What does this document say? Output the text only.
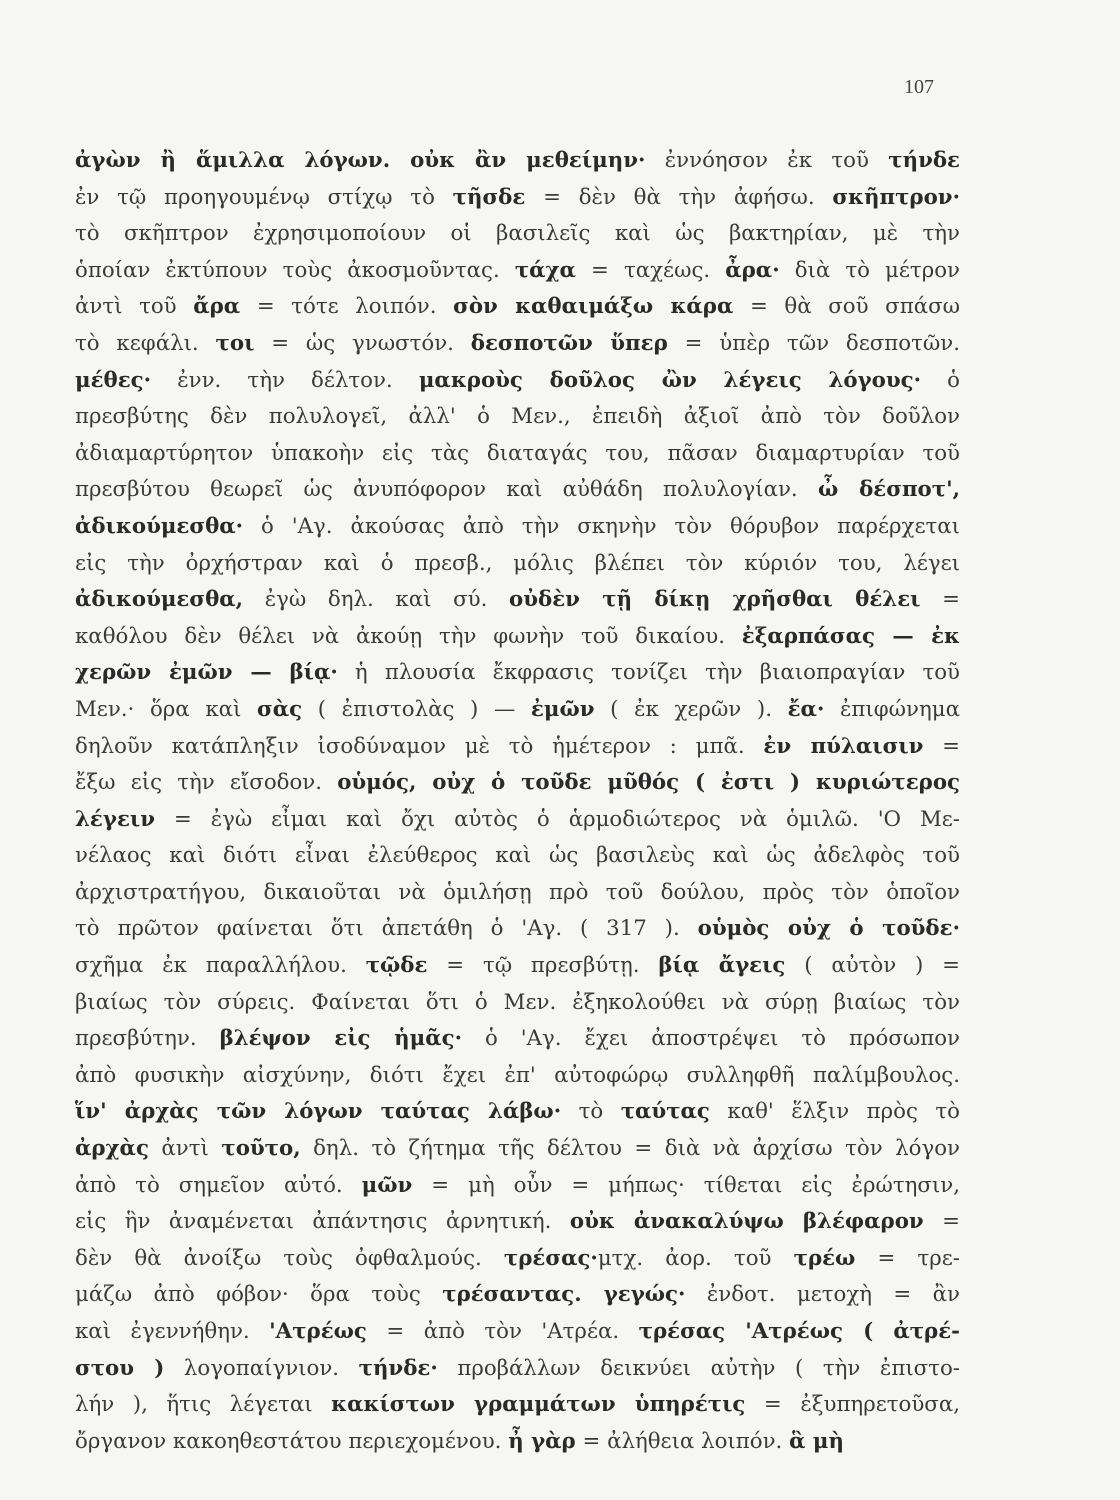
107
ἀγὼν ἢ ἅμιλλα λόγων. οὐκ ἂν μεθείμην· ἐννόησον ἐκ τοῦ τήνδε
ἐν τῷ προηγουμένῳ στίχῳ τὸ τῆσδε = δὲν θὰ τὴν ἀφήσω. σκῆπτρον·
τὸ σκῆπτρον ἐχρησιμοποίουν οἱ βασιλεῖς καὶ ὡς βακτηρίαν, μὲ τὴν
ὁποίαν ἐκτύπουν τοὺς ἀκοσμοῦντας. τάχα = ταχέως. ἆρα· διὰ τὸ μέτρον
ἀντὶ τοῦ ἄρα = τότε λοιπόν. σὸν καθαιμάξω κάρα = θὰ σοῦ σπάσω
τὸ κεφάλι. τοι = ὡς γνωστόν. δεσποτῶν ὕπερ = ὑπὲρ τῶν δεσποτῶν.
μέθες· ἐνν. τὴν δέλτον. μακροὺς δοῦλος ὢν λέγεις λόγους· ὁ
πρεσβύτης δὲν πολυλογεῖ, ἀλλ' ὁ Μεν., ἐπειδὴ ἀξιοῖ ἀπὸ τὸν δοῦλον
ἀδιαμαρτύρητον ὑπακοὴν εἰς τὰς διαταγάς του, πᾶσαν διαμαρτυρίαν τοῦ
πρεσβύτου θεωρεῖ ὡς ἀνυπόφορον καὶ αὐθάδη πολυλογίαν. ὦ δέσποτ',
ἀδικούμεσθα· ὁ 'Αγ. ἀκούσας ἀπὸ τὴν σκηνὴν τὸν θόρυβον παρέρχεται
εἰς τὴν ὀρχήστραν καὶ ὁ πρεσβ., μόλις βλέπει τὸν κύριόν του, λέγει
ἀδικούμεσθα, ἐγὼ δηλ. καὶ σύ. οὐδὲν τῇ δίκῃ χρῆσθαι θέλει =
καθόλου δὲν θέλει νὰ ἀκούῃ τὴν φωνὴν τοῦ δικαίου. ἐξαρπάσας — ἐκ
χερῶν ἐμῶν — βίᾳ· ἡ πλουσία ἔκφρασις τονίζει τὴν βιαιοπραγίαν τοῦ
Μεν.· ὅρα καὶ σὰς ( ἐπιστολὰς ) — ἐμῶν ( ἐκ χερῶν ). ἔα· ἐπιφώνημα
δηλοῦν κατάπληξιν ἰσοδύναμον μὲ τὸ ἡμέτερον : μπᾶ. ἐν πύλαισιν =
ἔξω εἰς τὴν εἴσοδον. οὑμός, οὐχ ὁ τοῦδε μῦθός ( ἐστι ) κυριώτερος
λέγειν = ἐγὼ εἶμαι καὶ ὄχι αὐτὸς ὁ ἁρμοδιώτερος νὰ ὁμιλῶ. 'Ο Με-
νέλαος καὶ διότι εἶναι ἐλεύθερος καὶ ὡς βασιλεὺς καὶ ὡς ἀδελφὸς τοῦ
ἀρχιστρατήγου, δικαιοῦται νὰ ὁμιλήσῃ πρὸ τοῦ δούλου, πρὸς τὸν ὁποῖον
τὸ πρῶτον φαίνεται ὅτι ἀπετάθη ὁ 'Αγ. ( 317 ). οὑμὸς οὐχ ὁ τοῦδε·
σχῆμα ἐκ παραλλήλου. τῷδε = τῷ πρεσβύτῃ. βίᾳ ἄγεις ( αὐτὸν ) =
βιαίως τὸν σύρεις. Φαίνεται ὅτι ὁ Μεν. ἐξηκολούθει νὰ σύρῃ βιαίως τὸν
πρεσβύτην. βλέψον εἰς ἡμᾶς· ὁ 'Αγ. ἔχει ἀποστρέψει τὸ πρόσωπον
ἀπὸ φυσικὴν αἰσχύνην, διότι ἔχει ἐπ' αὐτοφώρῳ συλληφθῆ παλίμβουλος.
ἵν' ἀρχὰς τῶν λόγων ταύτας λάβω· τὸ ταύτας καθ' ἕλξιν πρὸς τὸ
ἀρχὰς ἀντὶ τοῦτο, δηλ. τὸ ζήτημα τῆς δέλτου = διὰ νὰ ἀρχίσω τὸν λόγον
ἀπὸ τὸ σημεῖον αὐτό. μῶν = μὴ οὖν = μήπως· τίθεται εἰς ἐρώτησιν,
εἰς ἣν ἀναμένεται ἀπάντησις ἀρνητική. οὐκ ἀνακαλύψω βλέφαρον =
δὲν θὰ ἀνοίξω τοὺς ὀφθαλμούς. τρέσας·μτχ. ἀορ. τοῦ τρέω = τρε-
μάζω ἀπὸ φόβον· ὅρα τοὺς τρέσαντας. γεγώς· ἐνδοτ. μετοχὴ = ἂν
καὶ ἐγεννήθην. 'Ατρέως = ἀπὸ τὸν 'Ατρέα. τρέσας 'Ατρέως ( ἀτρέ-
στου ) λογοπαίγνιον. τήνδε· προβάλλων δεικνύει αὐτὴν ( τὴν ἐπιστο-
λήν ), ἥτις λέγεται κακίστων γραμμάτων ὑπηρέτις = ἐξυπηρετοῦσα,
ὄργανον κακοηθεστάτου περιεχομένου. ἦ γὰρ = ἀλήθεια λοιπόν. ἃ μὴ
